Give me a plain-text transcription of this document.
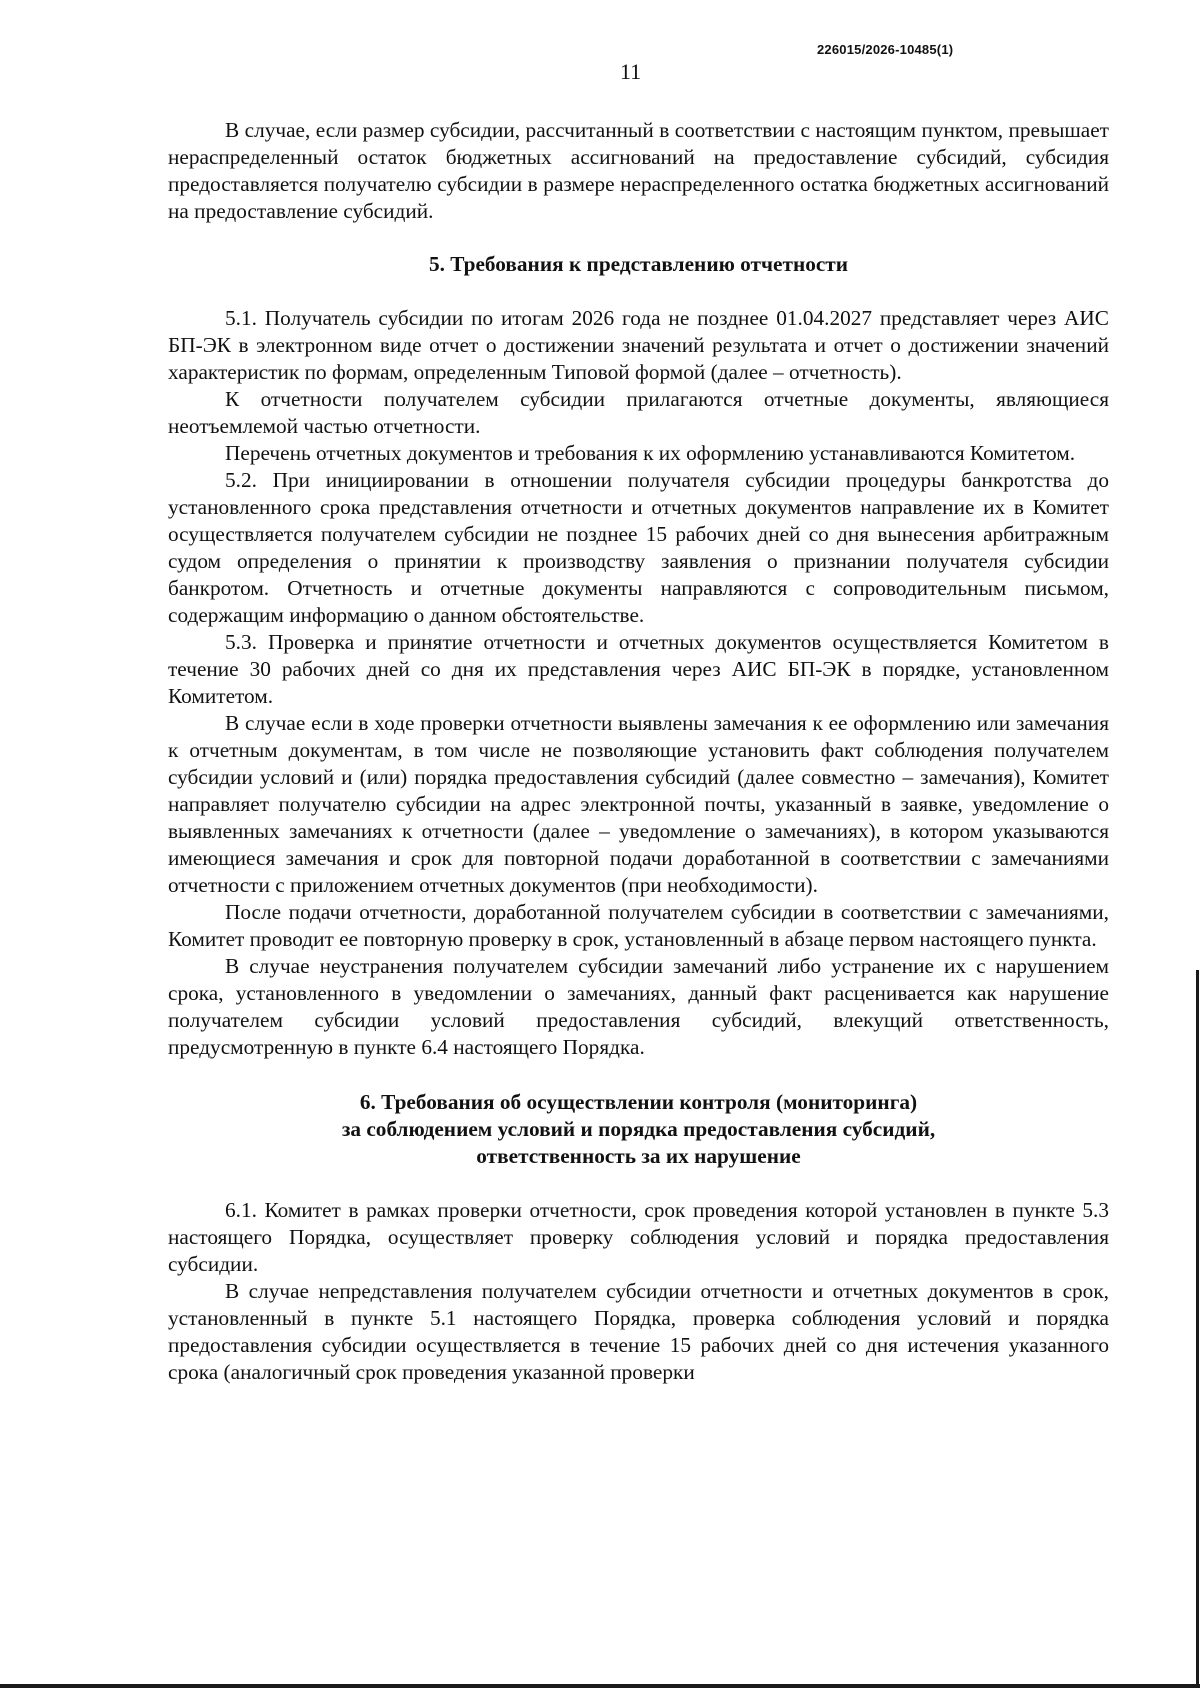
226015/2026-10485(1)
11

В случае, если размер субсидии, рассчитанный в соответствии с настоящим пунктом, превышает нераспределенный остаток бюджетных ассигнований на предоставление субсидий, субсидия предоставляется получателю субсидии в размере нераспределенного остатка бюджетных ассигнований на предоставление субсидий.

5. Требования к представлению отчетности

5.1. Получатель субсидии по итогам 2026 года не позднее 01.04.2027 представляет через АИС БП-ЭК в электронном виде отчет о достижении значений результата и отчет о достижении значений характеристик по формам, определенным Типовой формой (далее – отчетность).

К отчетности получателем субсидии прилагаются отчетные документы, являющиеся неотъемлемой частью отчетности.

Перечень отчетных документов и требования к их оформлению устанавливаются Комитетом.

5.2. При инициировании в отношении получателя субсидии процедуры банкротства до установленного срока представления отчетности и отчетных документов направление их в Комитет осуществляется получателем субсидии не позднее 15 рабочих дней со дня вынесения арбитражным судом определения о принятии к производству заявления о признании получателя субсидии банкротом. Отчетность и отчетные документы направляются с сопроводительным письмом, содержащим информацию о данном обстоятельстве.

5.3. Проверка и принятие отчетности и отчетных документов осуществляется Комитетом в течение 30 рабочих дней со дня их представления через АИС БП-ЭК в порядке, установленном Комитетом.

В случае если в ходе проверки отчетности выявлены замечания к ее оформлению или замечания к отчетным документам, в том числе не позволяющие установить факт соблюдения получателем субсидии условий и (или) порядка предоставления субсидий (далее совместно – замечания), Комитет направляет получателю субсидии на адрес электронной почты, указанный в заявке, уведомление о выявленных замечаниях к отчетности (далее – уведомление о замечаниях), в котором указываются имеющиеся замечания и срок для повторной подачи доработанной в соответствии с замечаниями отчетности с приложением отчетных документов (при необходимости).

После подачи отчетности, доработанной получателем субсидии в соответствии с замечаниями, Комитет проводит ее повторную проверку в срок, установленный в абзаце первом настоящего пункта.

В случае неустранения получателем субсидии замечаний либо устранение их с нарушением срока, установленного в уведомлении о замечаниях, данный факт расценивается как нарушение получателем субсидии условий предоставления субсидий, влекущий ответственность, предусмотренную в пункте 6.4 настоящего Порядка.

6. Требования об осуществлении контроля (мониторинга)
за соблюдением условий и порядка предоставления субсидий,
ответственность за их нарушение

6.1. Комитет в рамках проверки отчетности, срок проведения которой установлен в пункте 5.3 настоящего Порядка, осуществляет проверку соблюдения условий и порядка предоставления субсидии.

В случае непредставления получателем субсидии отчетности и отчетных документов в срок, установленный в пункте 5.1 настоящего Порядка, проверка соблюдения условий и порядка предоставления субсидии осуществляется в течение 15 рабочих дней со дня истечения указанного срока (аналогичный срок проведения указанной проверки
